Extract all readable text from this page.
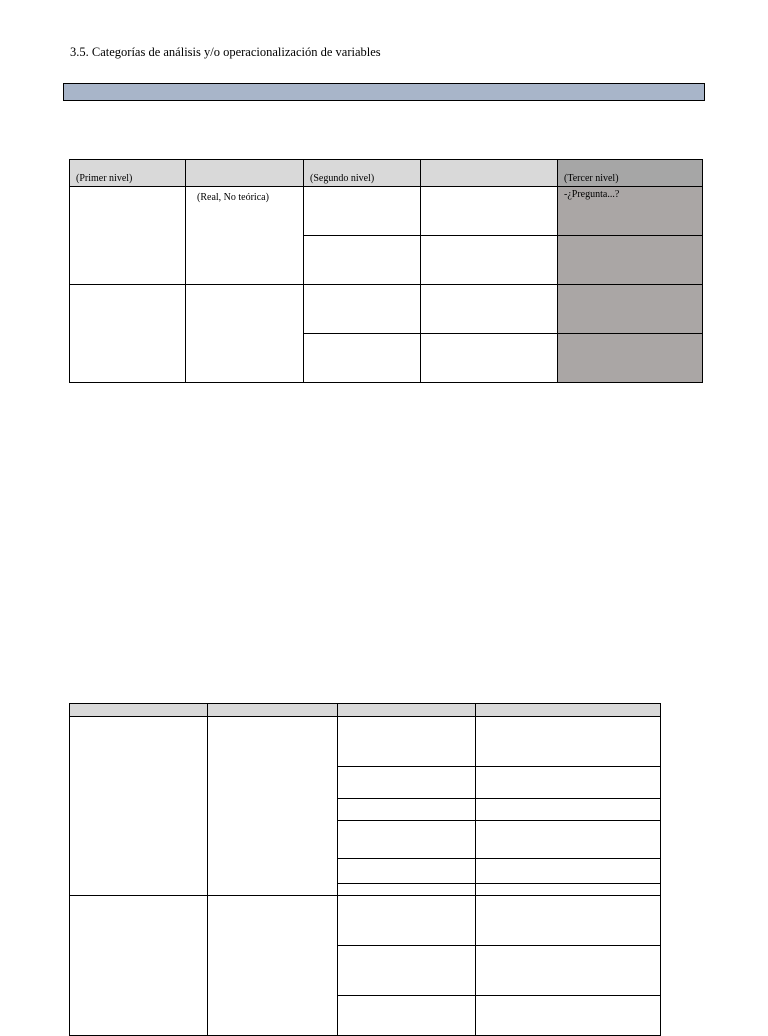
3.5. Categorías de análisis y/o operacionalización de variables
(Primer nivel)		(Segundo nivel)		(Tercer nivel)
	(Real, No teórica)			-¿Pregunta...?
